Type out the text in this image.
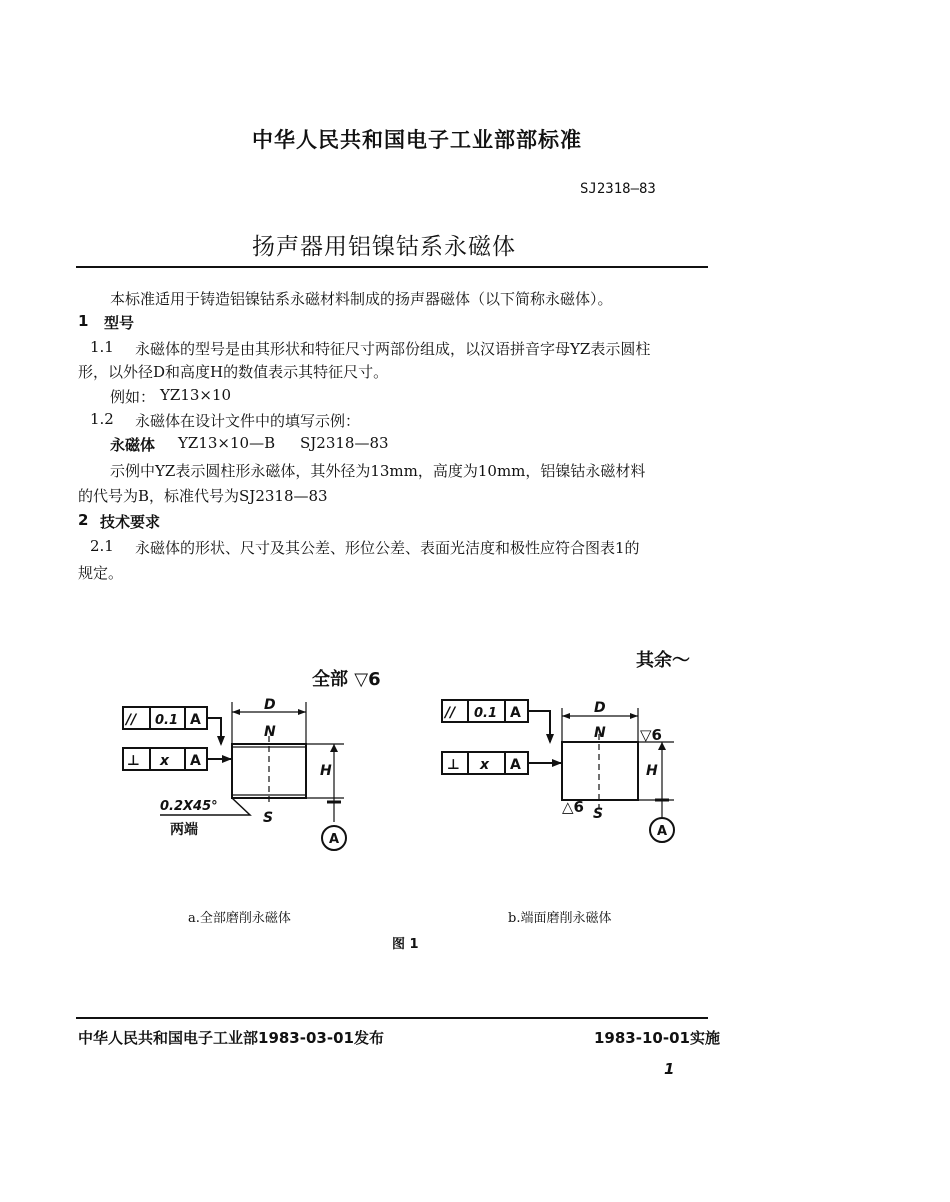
中华人民共和国电子工业部部标准
SJ2318—83
扬声器用铝镍钴系永磁体
本标准适用于铸造铝镍钴系永磁材料制成的扬声器磁体（以下简称永磁体）。
1 型号
1.1 永磁体的型号是由其形状和特征尺寸两部份组成，以汉语拼音字母YZ表示圆柱
形，以外径D和高度H的数值表示其特征尺寸。
例如： YZ13×10
1.2 永磁体在设计文件中的填写示例：
永磁体 YZ13×10—B SJ2318—83
示例中YZ表示圆柱形永磁体，其外径为13mm，高度为10mm，铝镍钴永磁材料
的代号为B，标准代号为SJ2318—83
2 技术要求
2.1 永磁体的形状、尺寸及其公差、形位公差、表面光洁度和极性应符合图表1的
规定。
全部 ▽6
其余～
// 0.1 A
⊥ x A
D
N
S
H
A
0.2X45°
两端
// 0.1 A
⊥ x A
D
N
S
H
▽6
△6
A
a.全部磨削永磁体	b.端面磨削永磁体
图 1
中华人民共和国电子工业部1983-03-01发布	1983-10-01实施
1
